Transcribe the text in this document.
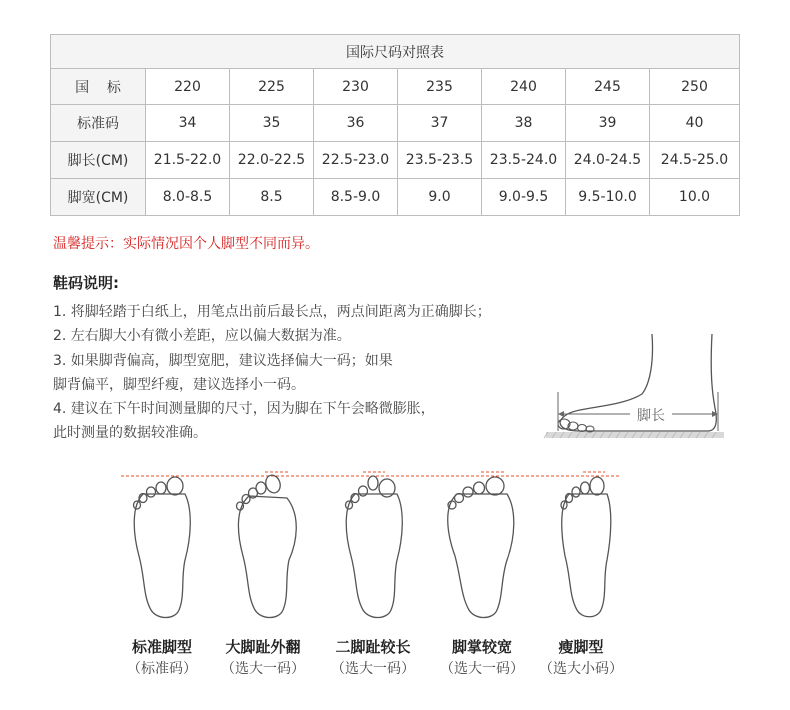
国际尺码对照表							
国    标	220	225	230	235	240	245	250
标准码	34	35	36	37	38	39	40
脚长(CM)	21.5-22.0	22.0-22.5	22.5-23.0	23.5-23.5	23.5-24.0	24.0-24.5	24.5-25.0
脚宽(CM)	8.0-8.5	8.5	8.5-9.0	9.0	9.0-9.5	9.5-10.0	10.0
温馨提示：实际情况因个人脚型不同而异。
鞋码说明:
1. 将脚轻踏于白纸上，用笔点出前后最长点，两点间距离为正确脚长；
2. 左右脚大小有微小差距，应以偏大数据为准。
3. 如果脚背偏高，脚型宽肥，建议选择偏大一码；如果
脚背偏平，脚型纤瘦，建议选择小一码。
4. 建议在下午时间测量脚的尺寸，因为脚在下午会略微膨胀，
此时测量的数据较准确。
脚长
标准脚型
（标准码）
大脚趾外翻
（选大一码）
二脚趾较长
（选大一码）
脚掌较宽
（选大一码）
瘦脚型
（选大小码）
